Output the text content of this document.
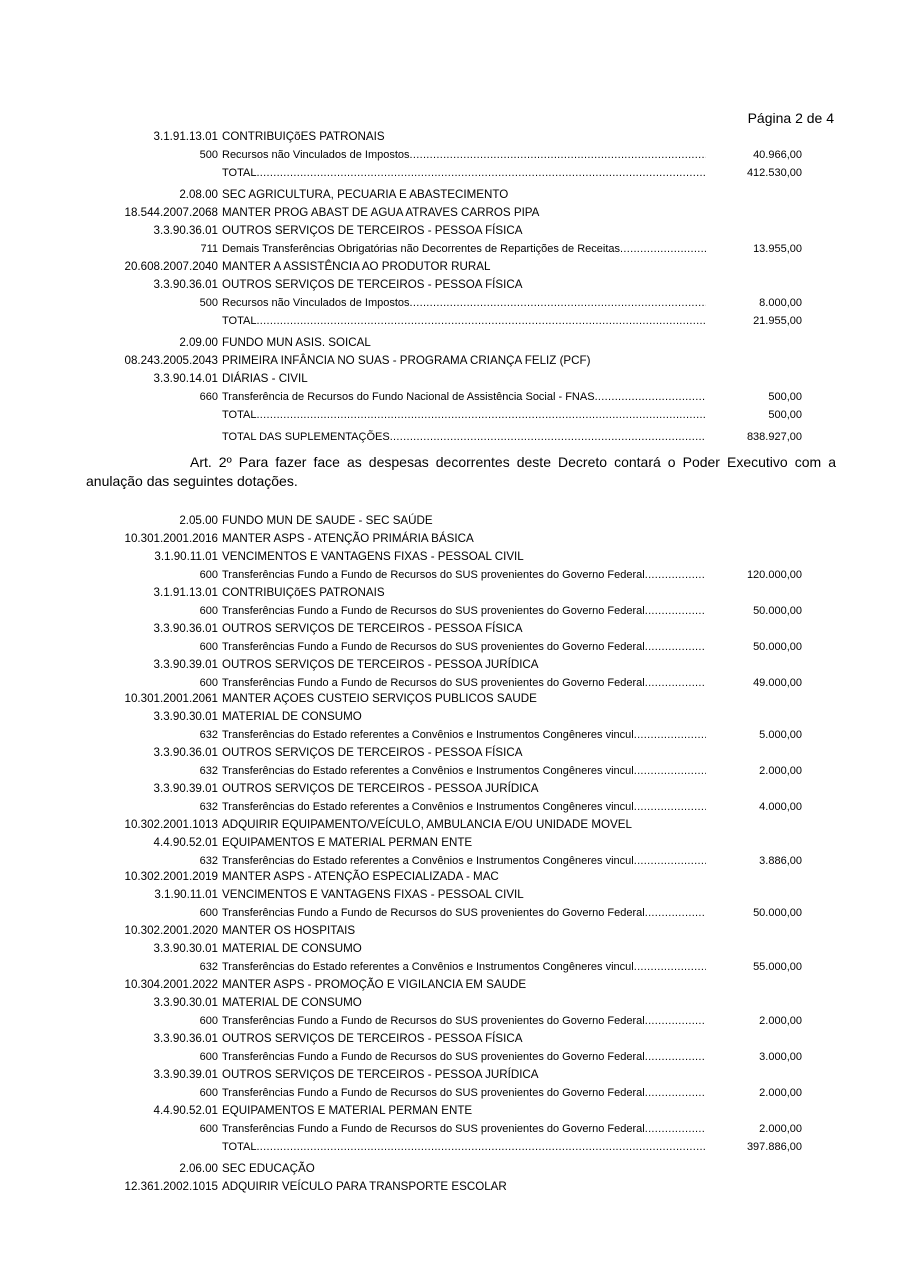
Página 2 de 4
3.1.91.13.01 CONTRIBUIÇõES PATRONAIS
500 Recursos não Vinculados de Impostos .....	40.966,00
TOTAL .....	412.530,00
2.08.00 SEC AGRICULTURA, PECUARIA E ABASTECIMENTO
18.544.2007.2068 MANTER PROG ABAST DE AGUA ATRAVES CARROS PIPA
3.3.90.36.01 OUTROS SERVIÇOS DE TERCEIROS - PESSOA FÍSICA
711 Demais Transferências Obrigatórias não Decorrentes de Repartições de Receitas .....	13.955,00
20.608.2007.2040 MANTER A ASSISTÊNCIA AO PRODUTOR RURAL
3.3.90.36.01 OUTROS SERVIÇOS DE TERCEIROS - PESSOA FÍSICA
500 Recursos não Vinculados de Impostos .....	8.000,00
TOTAL .....	21.955,00
2.09.00 FUNDO MUN ASIS. SOICAL
08.243.2005.2043 PRIMEIRA INFÂNCIA NO SUAS - PROGRAMA CRIANÇA FELIZ (PCF)
3.3.90.14.01 DIÁRIAS - CIVIL
660 Transferência de Recursos do Fundo Nacional de Assistência Social - FNAS .....	500,00
TOTAL .....	500,00
TOTAL DAS SUPLEMENTAÇÕES .....	838.927,00
2.05.00 FUNDO MUN DE SAUDE - SEC SAÚDE
10.301.2001.2016 MANTER ASPS - ATENÇÃO PRIMÁRIA BÁSICA
3.1.90.11.01 VENCIMENTOS E VANTAGENS FIXAS - PESSOAL CIVIL
600 Transferências Fundo a Fundo de Recursos do SUS provenientes do Governo Federal .....	120.000,00
3.1.91.13.01 CONTRIBUIÇõES PATRONAIS
600 Transferências Fundo a Fundo de Recursos do SUS provenientes do Governo Federal .....	50.000,00
3.3.90.36.01 OUTROS SERVIÇOS DE TERCEIROS - PESSOA FÍSICA
600 Transferências Fundo a Fundo de Recursos do SUS provenientes do Governo Federal .....	50.000,00
3.3.90.39.01 OUTROS SERVIÇOS DE TERCEIROS - PESSOA JURÍDICA
600 Transferências Fundo a Fundo de Recursos do SUS provenientes do Governo Federal .....	49.000,00
10.301.2001.2061 MANTER AÇOES CUSTEIO SERVIÇOS PUBLICOS SAUDE
3.3.90.30.01 MATERIAL DE CONSUMO
632 Transferências do Estado referentes a Convênios e Instrumentos Congêneres vincul .....	5.000,00
3.3.90.36.01 OUTROS SERVIÇOS DE TERCEIROS - PESSOA FÍSICA
632 Transferências do Estado referentes a Convênios e Instrumentos Congêneres vincul .....	2.000,00
3.3.90.39.01 OUTROS SERVIÇOS DE TERCEIROS - PESSOA JURÍDICA
632 Transferências do Estado referentes a Convênios e Instrumentos Congêneres vincul .....	4.000,00
10.302.2001.1013 ADQUIRIR EQUIPAMENTO/VEÍCULO, AMBULANCIA E/OU UNIDADE MOVEL
4.4.90.52.01 EQUIPAMENTOS E MATERIAL PERMAN ENTE
632 Transferências do Estado referentes a Convênios e Instrumentos Congêneres vincul .....	3.886,00
10.302.2001.2019 MANTER ASPS - ATENÇÃO ESPECIALIZADA - MAC
3.1.90.11.01 VENCIMENTOS E VANTAGENS FIXAS - PESSOAL CIVIL
600 Transferências Fundo a Fundo de Recursos do SUS provenientes do Governo Federal .....	50.000,00
10.302.2001.2020 MANTER OS HOSPITAIS
3.3.90.30.01 MATERIAL DE CONSUMO
632 Transferências do Estado referentes a Convênios e Instrumentos Congêneres vincul .....	55.000,00
10.304.2001.2022 MANTER ASPS - PROMOÇÃO E VIGILANCIA EM SAUDE
3.3.90.30.01 MATERIAL DE CONSUMO
600 Transferências Fundo a Fundo de Recursos do SUS provenientes do Governo Federal .....	2.000,00
3.3.90.36.01 OUTROS SERVIÇOS DE TERCEIROS - PESSOA FÍSICA
600 Transferências Fundo a Fundo de Recursos do SUS provenientes do Governo Federal .....	3.000,00
3.3.90.39.01 OUTROS SERVIÇOS DE TERCEIROS - PESSOA JURÍDICA
600 Transferências Fundo a Fundo de Recursos do SUS provenientes do Governo Federal .....	2.000,00
4.4.90.52.01 EQUIPAMENTOS E MATERIAL PERMAN ENTE
600 Transferências Fundo a Fundo de Recursos do SUS provenientes do Governo Federal .....	2.000,00
TOTAL .....	397.886,00
2.06.00 SEC EDUCAÇÃO
12.361.2002.1015 ADQUIRIR VEÍCULO PARA TRANSPORTE ESCOLAR

Art. 2º Para fazer face as despesas decorrentes deste Decreto contará o Poder Executivo com a anulação das seguintes dotações.
